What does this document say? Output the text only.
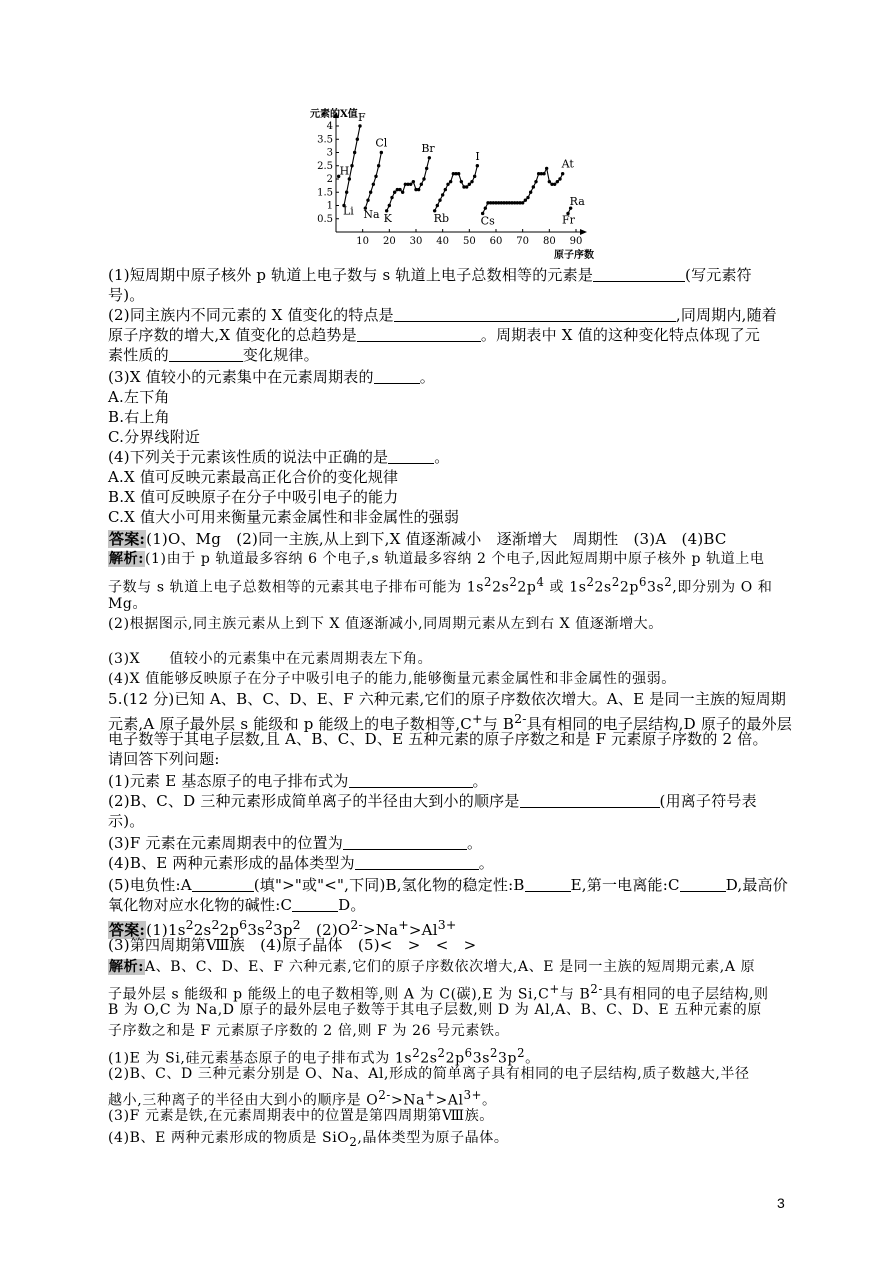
元素的X值
原子序数
0.5
1
1.5
2
2.5
3
3.5
4
10 20 30 40 50 60 70 80 90
H
F
Li
Cl
Na
Br
K
I
Rb
At
Cs
Ra
Fr
(1)短周期中原子核外 p 轨道上电子数与 s 轨道上电子总数相等的元素是	(写元素符
号)。
(2)同主族内不同元素的 X 值变化的特点是	,同周期内,随着
原子序数的增大,X 值变化的总趋势是	。周期表中 X 值的这种变化特点体现了元
素性质的	变化规律。
(3)X 值较小的元素集中在元素周期表的	。
A.左下角
B.右上角
C.分界线附近
(4)下列关于元素该性质的说法中正确的是	。
A.X 值可反映元素最高正化合价的变化规律
B.X 值可反映原子在分子中吸引电子的能力
C.X 值大小可用来衡量元素金属性和非金属性的强弱
答案:(1)O、Mg　(2)同一主族,从上到下,X 值逐渐减小　逐渐增大　周期性　(3)A　(4)BC
解析:(1)由于 p 轨道最多容纳 6 个电子,s 轨道最多容纳 2 个电子,因此短周期中原子核外 p 轨道上电
子数与 s 轨道上电子总数相等的元素其电子排布可能为 $1s^22s^22p^4$ 或 $1s^22s^22p^63s^2$,即分别为 O 和
Mg。
(2)根据图示,同主族元素从上到下 X 值逐渐减小,同周期元素从左到右 X 值逐渐增大。
(3)X　　值较小的元素集中在元素周期表左下角。
(4)X 值能够反映原子在分子中吸引电子的能力,能够衡量元素金属性和非金属性的强弱。
5.(12 分)已知 A、B、C、D、E、F 六种元素,它们的原子序数依次增大。A、E 是同一主族的短周期
元素,A 原子最外层 s 能级和 p 能级上的电子数相等,C+与 $B^{2-}$具有相同的电子层结构,D 原子的最外层
电子数等于其电子层数,且 A、B、C、D、E 五种元素的原子序数之和是 F 元素原子序数的 2 倍。
请回答下列问题:
(1)元素 E 基态原子的电子排布式为	。
(2)B、C、D 三种元素形成简单离子的半径由大到小的顺序是	(用离子符号表
示)。
(3)F 元素在元素周期表中的位置为	。
(4)B、E 两种元素形成的晶体类型为	。
(5)电负性:A	(填">"或"<",下同)B,氢化物的稳定性:B	E,第一电离能:C	D,最高价
氧化物对应水化物的碱性:C	D。
答案$:(1)1s^22s^22p^63s^23p^2$　$(2)O^{2-}>Na^+>Al^{3+}$
(3)第四周期第Ⅷ族　(4)原子晶体　(5)<　>　<　>
解析:A、B、C、D、E、F 六种元素,它们的原子序数依次增大,A、E 是同一主族的短周期元素,A 原
子最外层 s 能级和 p 能级上的电子数相等,则 A 为 C(碳),E 为 Si,C+与 $B^{2-}$具有相同的电子层结构,则
B 为 O,C 为 Na,D 原子的最外层电子数等于其电子层数,则 D 为 Al,A、B、C、D、E 五种元素的原
子序数之和是 F 元素原子序数的 2 倍,则 F 为 26 号元素铁。
(1)E 为 Si,硅元素基态原子的电子排布式为 $1s^22s^22p^63s^23p^2$。
(2)B、C、D 三种元素分别是 O、Na、Al,形成的简单离子具有相同的电子层结构,质子数越大,半径
越小,三种离子的半径由大到小的顺序是 $O^{2-}>Na^+>Al^{3+}$。
(3)F 元素是铁,在元素周期表中的位置是第四周期第Ⅷ族。
(4)B、E 两种元素形成的物质是 SiO$_2$,晶体类型为原子晶体。
3
